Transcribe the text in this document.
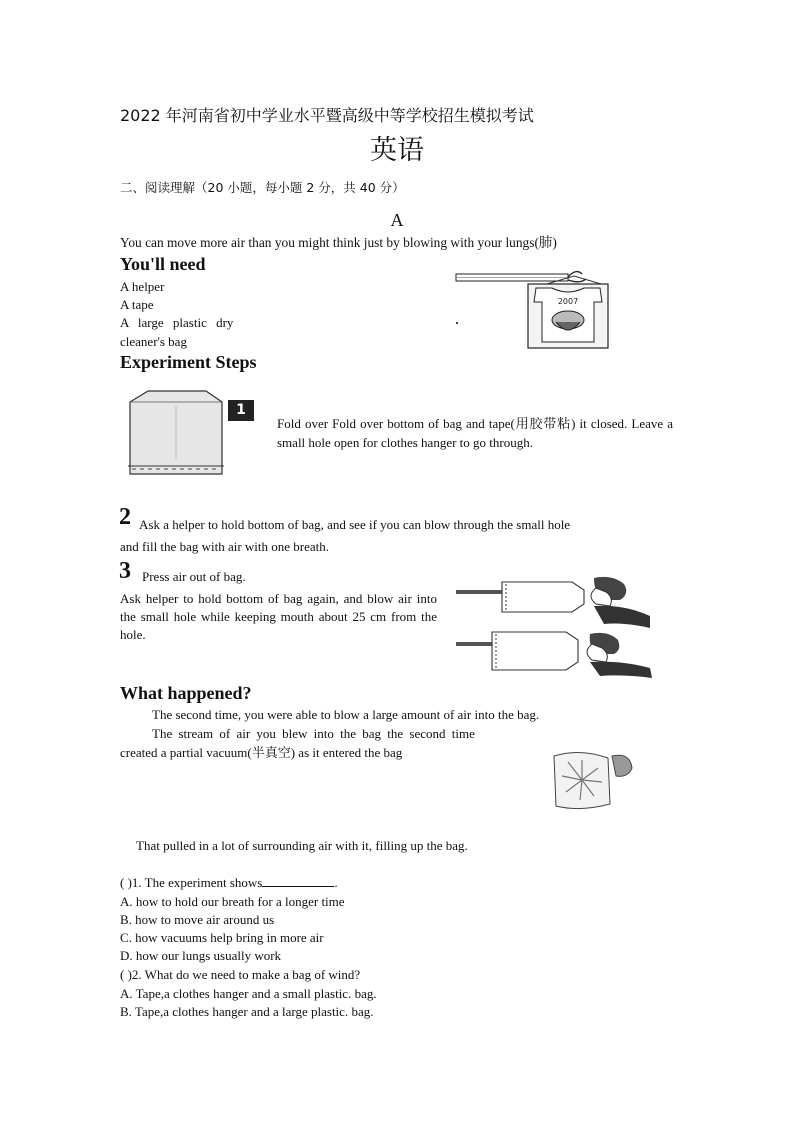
2022 年河南省初中学业水平暨高级中等学校招生模拟考试
英语
二、阅读理解（20 小题，每小题 2 分，共 40 分）
A
You can move more air than you might think just by blowing with your lungs(肺)
You'll need
A helper
A tape
A large plastic dry
cleaner's bag
2007
Experiment Steps
1
Fold over Fold over bottom of bag and tape(用胶带粘) it closed. Leave a small hole open for clothes hanger to go through.
2 Ask a helper to hold bottom of bag, and see if you can blow through the small hole
and fill the bag with air with one breath.
3 Press air out of bag.
Ask helper to hold bottom of bag again, and blow air into the small hole while keeping mouth about 25 cm from the hole.
What happened?
The second time, you were able to blow a large amount of air into the bag.
The stream of air you blew into the bag the second time
created a partial vacuum(半真空) as it entered the bag
That pulled in a lot of surrounding air with it, filling up the bag.
( )1. The experiment shows	.
A. how to hold our breath for a longer time
B. how to move air around us
C. how vacuums help bring in more air
D. how our lungs usually work
( )2. What do we need to make a bag of wind?
A. Tape,a clothes hanger and a small plastic. bag.
B. Tape,a clothes hanger and a large plastic. bag.
